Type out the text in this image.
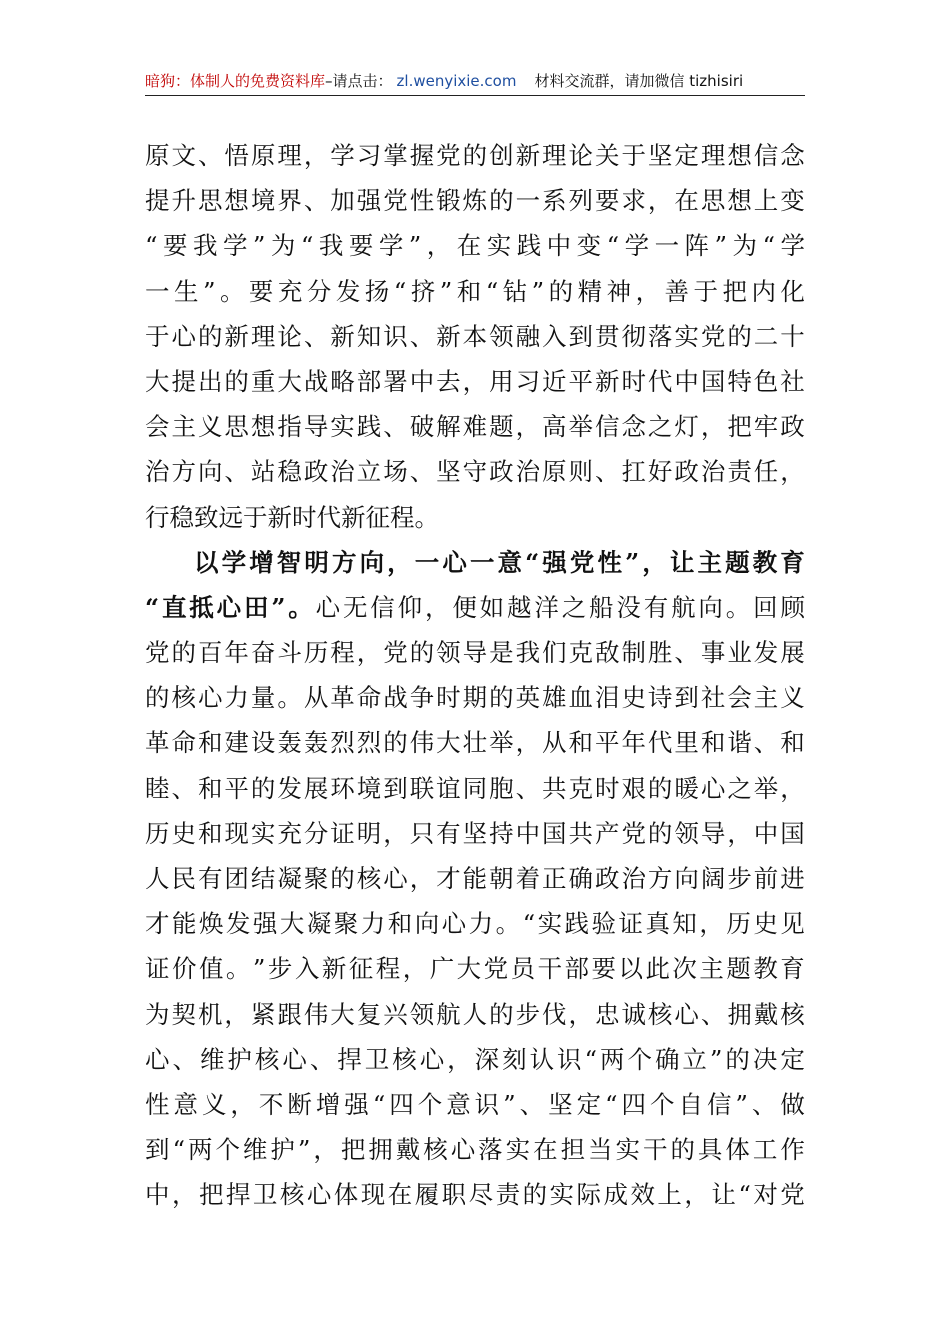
暗狗：体制人的免费资料库 –请点击： zl.wenyixie.com 材料交流群，请加微信 tizhisiri
原 文 、 悟 原 理 ， 学 习 掌 握 党 的 创 新 理 论 关 于 坚 定 理 想 信 念
提 升 思 想 境 界 、 加 强 党 性 锻 炼 的 一 系 列 要 求 ， 在 思 想 上 变
“ 要 我 学 ” 为 “ 我 要 学 ” ， 在 实 践 中 变 “ 学 一 阵 ” 为 “ 学
一 生 ” 。 要 充 分 发 扬 “ 挤 ” 和 “ 钻 ” 的 精 神 ， 善 于 把 内 化
于 心 的 新 理 论 、 新 知 识 、 新 本 领 融 入 到 贯 彻 落 实 党 的 二 十
大 提 出 的 重 大 战 略 部 署 中 去 ， 用 习 近 平 新 时 代 中 国 特 色 社
会 主 义 思 想 指 导 实 践 、 破 解 难 题 ， 高 举 信 念 之 灯 ， 把 牢 政
治 方 向 、 站 稳 政 治 立 场 、 坚 守 政 治 原 则 、 扛 好 政 治 责 任 ，
行 稳 致 远 于 新 时 代 新 征 程 。
以 学 增 智 明 方 向 ， 一 心 一 意 “ 强 党 性 ” ， 让 主 题 教 育
“ 直 抵 心 田 ” 。 心 无 信 仰 ， 便 如 越 洋 之 船 没 有 航 向 。 回 顾
党 的 百 年 奋 斗 历 程 ， 党 的 领 导 是 我 们 克 敌 制 胜 、 事 业 发 展
的 核 心 力 量 。 从 革 命 战 争 时 期 的 英 雄 血 泪 史 诗 到 社 会 主 义
革 命 和 建 设 轰 轰 烈 烈 的 伟 大 壮 举 ， 从 和 平 年 代 里 和 谐 、 和
睦 、 和 平 的 发 展 环 境 到 联 谊 同 胞 、 共 克 时 艰 的 暖 心 之 举 ，
历 史 和 现 实 充 分 证 明 ， 只 有 坚 持 中 国 共 产 党 的 领 导 ， 中 国
人 民 有 团 结 凝 聚 的 核 心 ， 才 能 朝 着 正 确 政 治 方 向 阔 步 前 进
才 能 焕 发 强 大 凝 聚 力 和 向 心 力 。 “ 实 践 验 证 真 知 ， 历 史 见
证 价 值 。 ” 步 入 新 征 程 ， 广 大 党 员 干 部 要 以 此 次 主 题 教 育
为 契 机 ， 紧 跟 伟 大 复 兴 领 航 人 的 步 伐 ， 忠 诚 核 心 、 拥 戴 核
心 、 维 护 核 心 、 捍 卫 核 心 ， 深 刻 认 识 “ 两 个 确 立 ” 的 决 定
性 意 义 ， 不 断 增 强 “ 四 个 意 识 ” 、 坚 定 “ 四 个 自 信 ” 、 做
到 “ 两 个 维 护 ” ， 把 拥 戴 核 心 落 实 在 担 当 实 干 的 具 体 工 作
中 ， 把 捍 卫 核 心 体 现 在 履 职 尽 责 的 实 际 成 效 上 ， 让 “ 对 党
